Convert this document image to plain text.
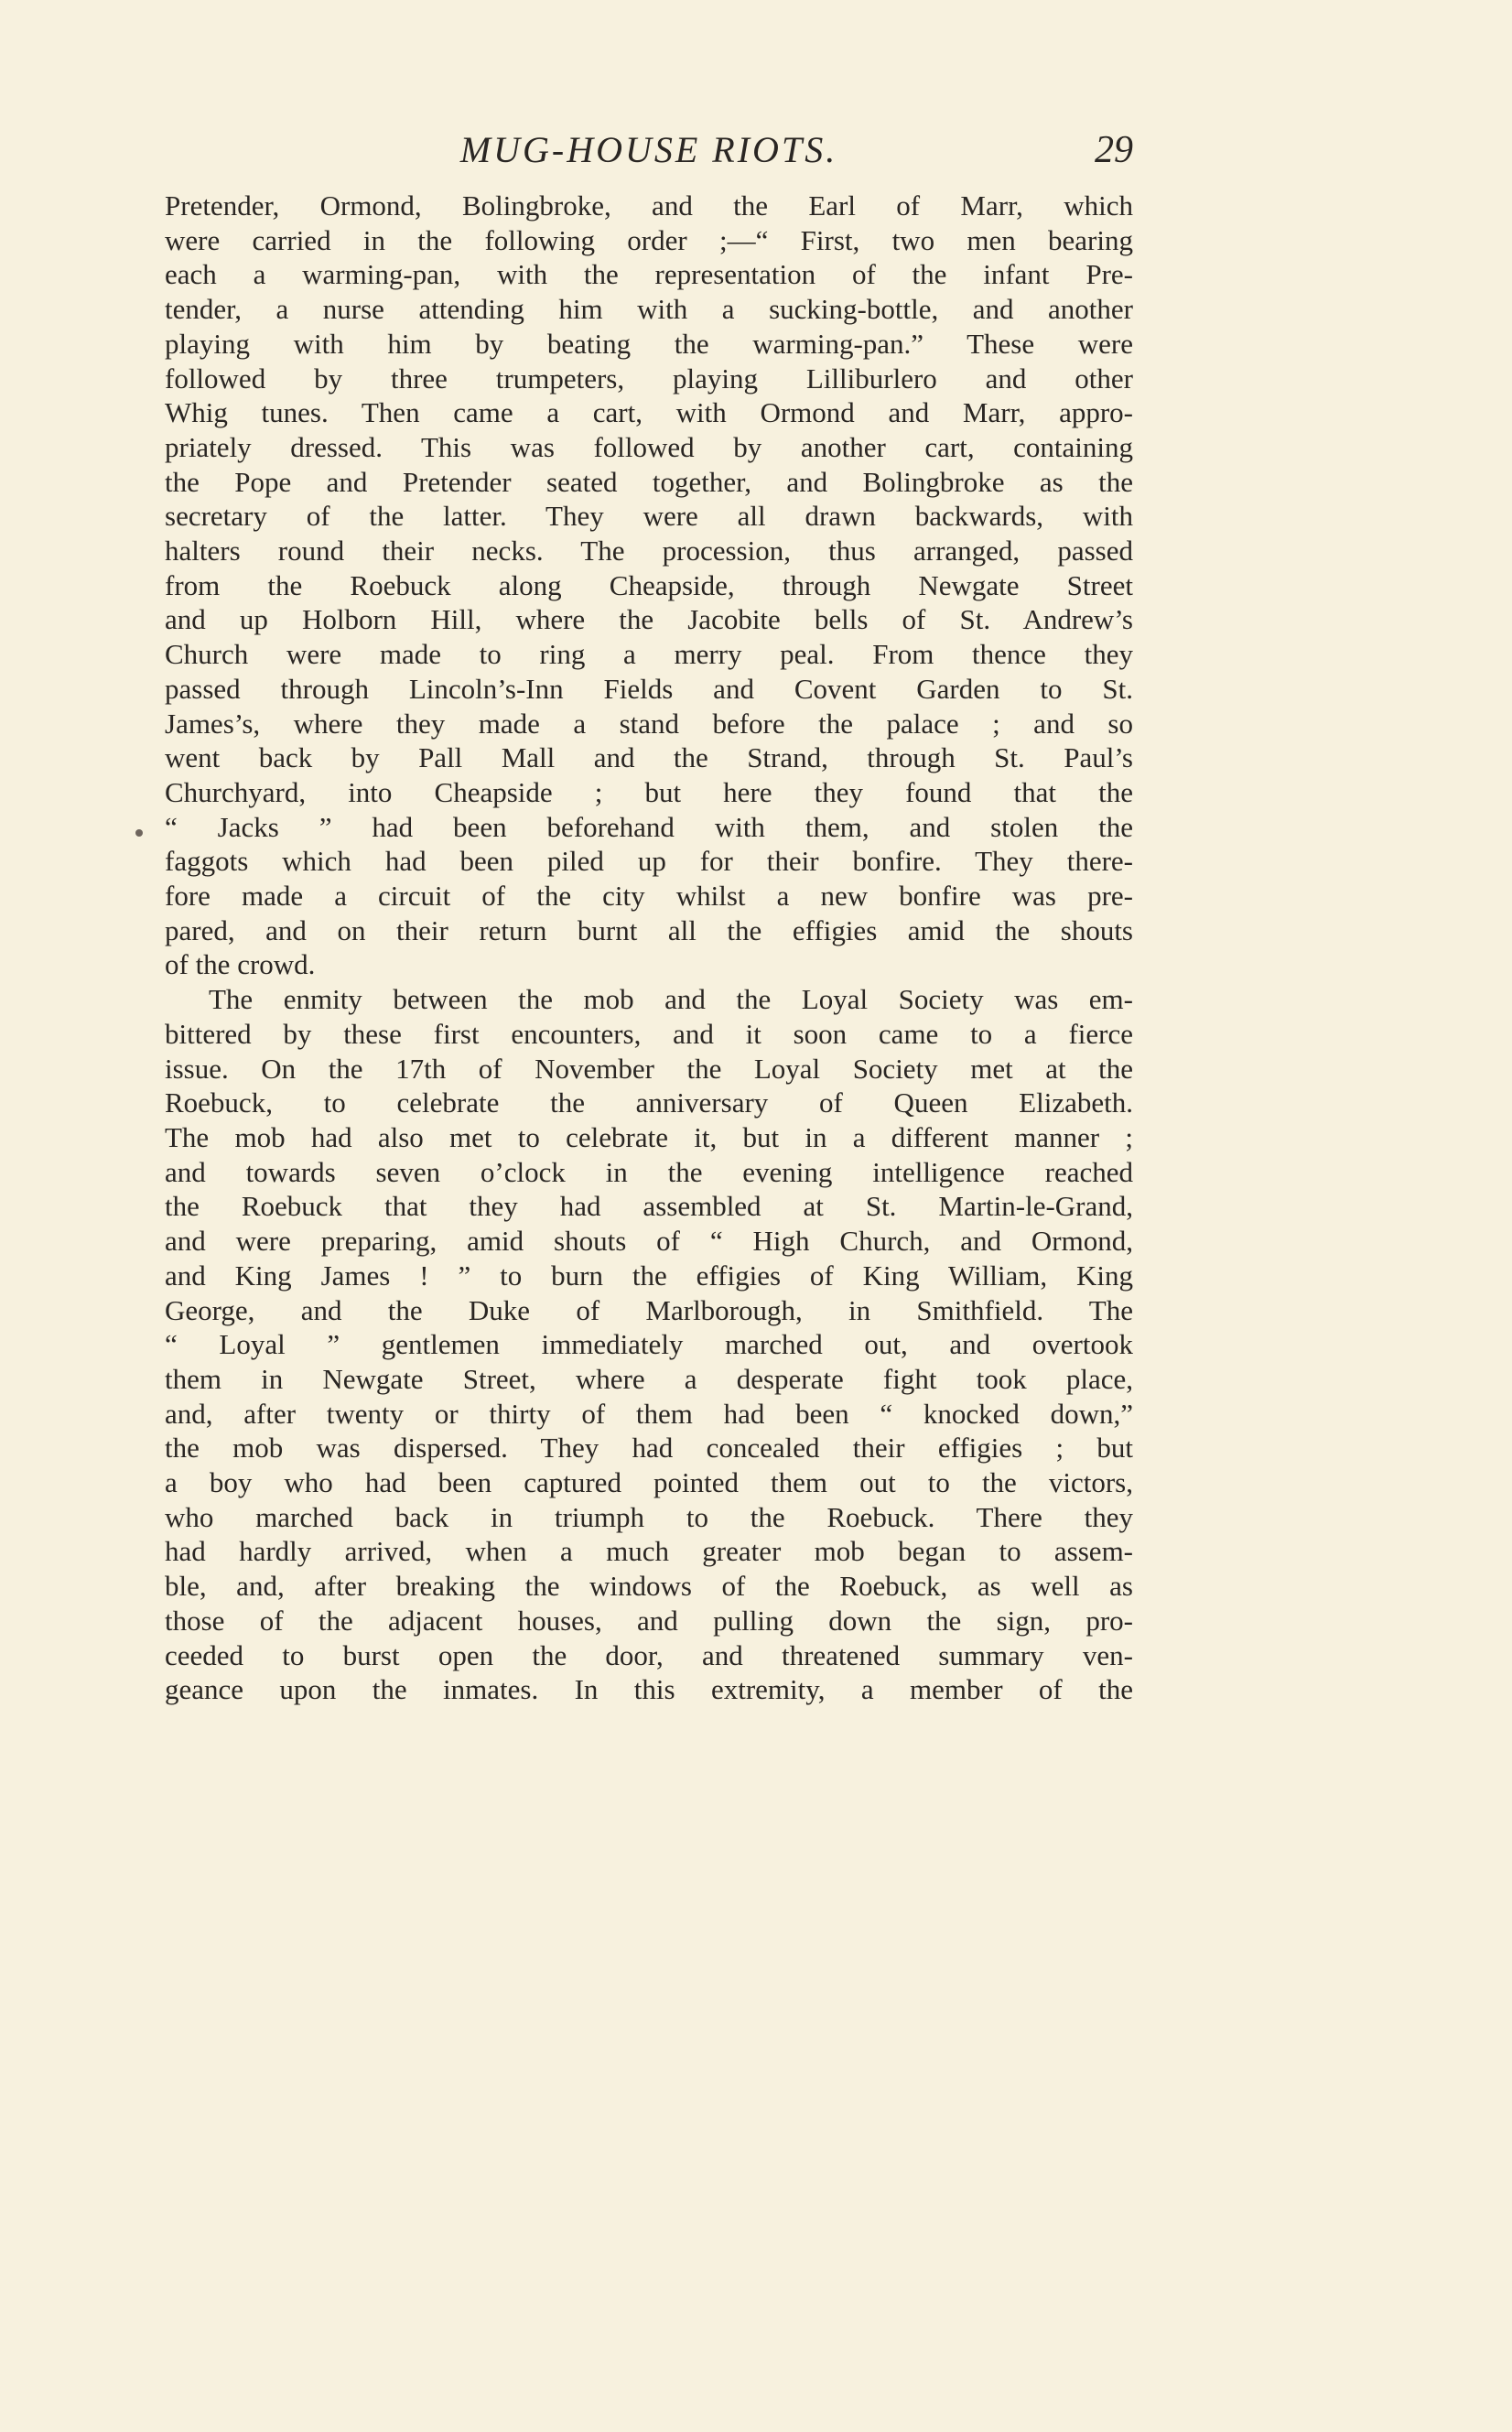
MUG-HOUSE RIOTS.	29
Pretender, Ormond, Bolingbroke, and the Earl of Marr, which
were carried in the following order ;—“ First, two men bearing
each a warming-pan, with the representation of the infant Pre-
tender, a nurse attending him with a sucking-bottle, and another
playing with him by beating the warming-pan.” These were
followed by three trumpeters, playing Lilliburlero and other
Whig tunes. Then came a cart, with Ormond and Marr, appro-
priately dressed. This was followed by another cart, containing
the Pope and Pretender seated together, and Bolingbroke as the
secretary of the latter. They were all drawn backwards, with
halters round their necks. The procession, thus arranged, passed
from the Roebuck along Cheapside, through Newgate Street
and up Holborn Hill, where the Jacobite bells of St. Andrew’s
Church were made to ring a merry peal. From thence they
passed through Lincoln’s-Inn Fields and Covent Garden to St.
James’s, where they made a stand before the palace ; and so
went back by Pall Mall and the Strand, through St. Paul’s
Churchyard, into Cheapside ; but here they found that the
“ Jacks ” had been beforehand with them, and stolen the
faggots which had been piled up for their bonfire. They there-
fore made a circuit of the city whilst a new bonfire was pre-
pared, and on their return burnt all the effigies amid the shouts
of the crowd.
The enmity between the mob and the Loyal Society was em-
bittered by these first encounters, and it soon came to a fierce
issue. On the 17th of November the Loyal Society met at the
Roebuck, to celebrate the anniversary of Queen Elizabeth.
The mob had also met to celebrate it, but in a different manner ;
and towards seven o’clock in the evening intelligence reached
the Roebuck that they had assembled at St. Martin-le-Grand,
and were preparing, amid shouts of “ High Church, and Ormond,
and King James ! ” to burn the effigies of King William, King
George, and the Duke of Marlborough, in Smithfield. The
“ Loyal ” gentlemen immediately marched out, and overtook
them in Newgate Street, where a desperate fight took place,
and, after twenty or thirty of them had been “ knocked down,”
the mob was dispersed. They had concealed their effigies ; but
a boy who had been captured pointed them out to the victors,
who marched back in triumph to the Roebuck. There they
had hardly arrived, when a much greater mob began to assem-
ble, and, after breaking the windows of the Roebuck, as well as
those of the adjacent houses, and pulling down the sign, pro-
ceeded to burst open the door, and threatened summary ven-
geance upon the inmates. In this extremity, a member of the
